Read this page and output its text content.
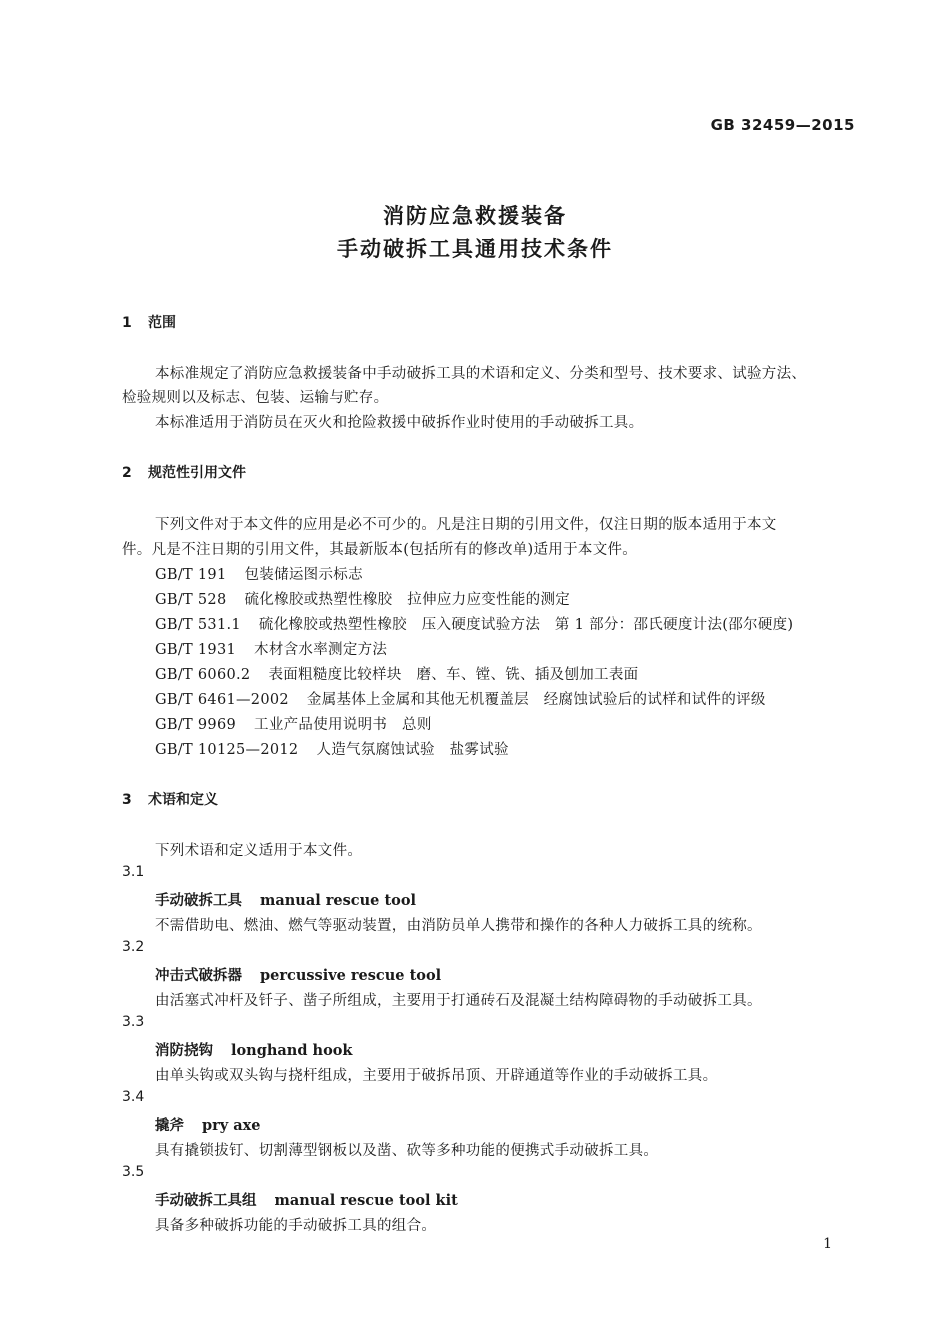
GB 32459—2015
消防应急救援装备
手动破拆工具通用技术条件
1 范围
本标准规定了消防应急救援装备中手动破拆工具的术语和定义、分类和型号、技术要求、试验方法、
检验规则以及标志、包装、运输与贮存。
本标准适用于消防员在灭火和抢险救援中破拆作业时使用的手动破拆工具。
2 规范性引用文件
下列文件对于本文件的应用是必不可少的。凡是注日期的引用文件，仅注日期的版本适用于本文
件。凡是不注日期的引用文件，其最新版本(包括所有的修改单)适用于本文件。
GB/T 191 包装储运图示标志
GB/T 528 硫化橡胶或热塑性橡胶　拉伸应力应变性能的测定
GB/T 531.1 硫化橡胶或热塑性橡胶　压入硬度试验方法　第 1 部分：邵氏硬度计法(邵尔硬度)
GB/T 1931 木材含水率测定方法
GB/T 6060.2 表面粗糙度比较样块　磨、车、镗、铣、插及刨加工表面
GB/T 6461—2002 金属基体上金属和其他无机覆盖层　经腐蚀试验后的试样和试件的评级
GB/T 9969 工业产品使用说明书　总则
GB/T 10125—2012 人造气氛腐蚀试验　盐雾试验
3 术语和定义
下列术语和定义适用于本文件。
3.1
手动破拆工具 manual rescue tool
不需借助电、燃油、燃气等驱动装置，由消防员单人携带和操作的各种人力破拆工具的统称。
3.2
冲击式破拆器 percussive rescue tool
由活塞式冲杆及钎子、凿子所组成，主要用于打通砖石及混凝土结构障碍物的手动破拆工具。
3.3
消防挠钩 longhand hook
由单头钩或双头钩与挠杆组成，主要用于破拆吊顶、开辟通道等作业的手动破拆工具。
3.4
撬斧 pry axe
具有撬锁拔钉、切割薄型钢板以及凿、砍等多种功能的便携式手动破拆工具。
3.5
手动破拆工具组 manual rescue tool kit
具备多种破拆功能的手动破拆工具的组合。
1
